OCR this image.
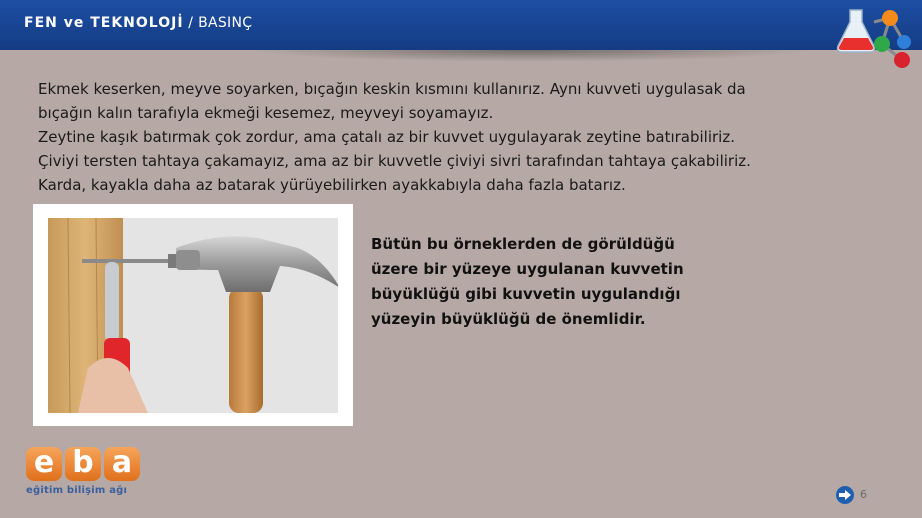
FEN ve TEKNOLOJİ / BASINÇ

Ekmek keserken, meyve soyarken, bıçağın keskin kısmını kullanırız. Aynı kuvveti uygulasak da

bıçağın kalın tarafıyla ekmeği kesemez, meyveyi soyamayız.

Zeytine kaşık batırmak çok zordur, ama çatalı az bir kuvvet uygulayarak zeytine batırabiliriz.

Çiviyi tersten tahtaya çakamayız, ama az bir kuvvetle çiviyi sivri tarafından tahtaya çakabiliriz.

Karda, kayakla daha az batarak yürüyebilirken ayakkabıyla daha fazla batarız.

Bütün bu örneklerden de görüldüğü

üzere bir yüzeye uygulanan kuvvetin

büyüklüğü gibi kuvvetin uygulandığı

yüzeyin büyüklüğü de önemlidir.

e b a
eğitim bilişim ağı	6
